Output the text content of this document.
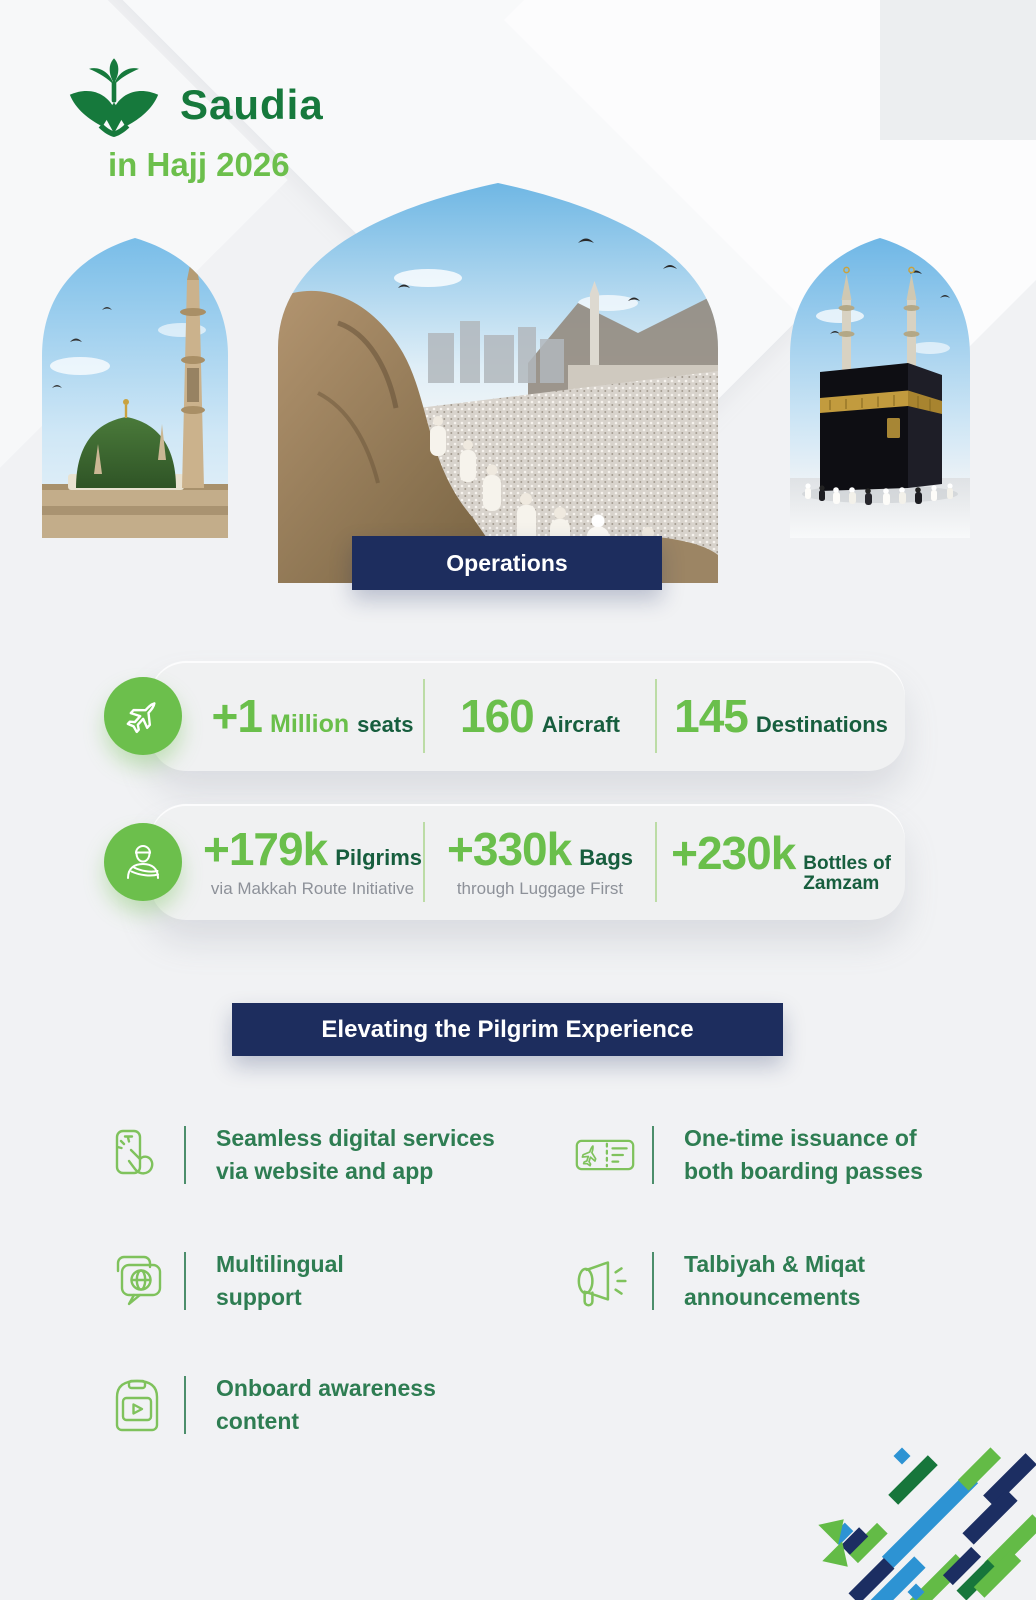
Saudia
in Hajj 2026
Operations
+1 Million seats 160 Aircraft 145 Destinations
+179k Pilgrims
via Makkah Route Initiative
+330k Bags
through Luggage First
+230k Bottles of
Zamzam
Elevating the Pilgrim Experience
Seamless digital services
via website and app
One-time issuance of
both boarding passes
Multilingual
support
Talbiyah & Miqat
announcements
Onboard awareness
content
